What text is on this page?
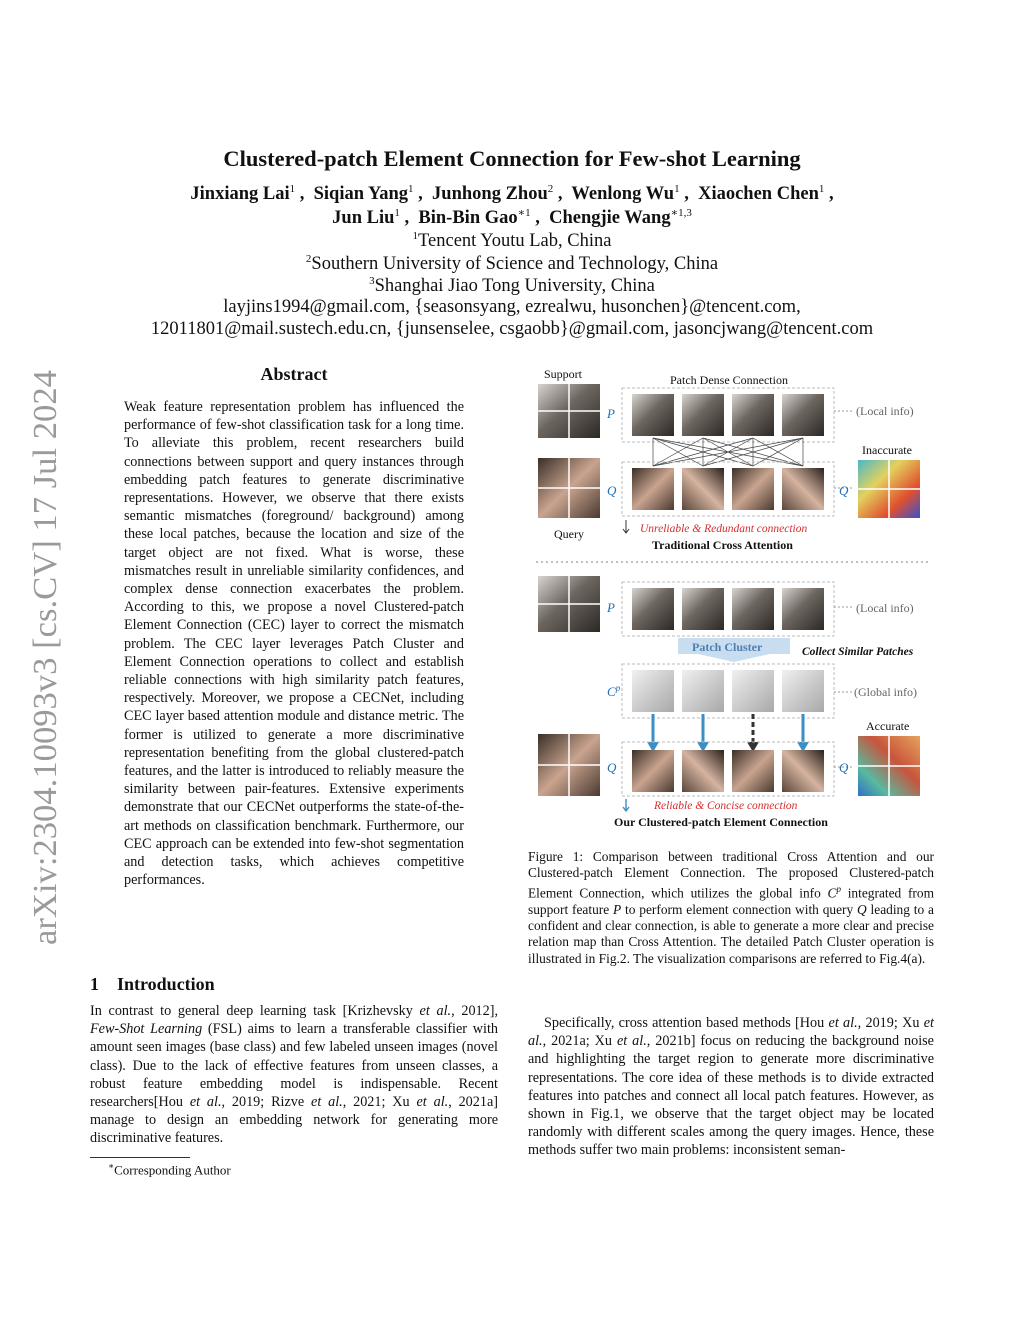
arXiv:2304.10093v3 [cs.CV] 17 Jul 2024
Clustered-patch Element Connection for Few-shot Learning
Jinxiang Lai$^1$ ,  Siqian Yang$^1$ ,  Junhong Zhou$^2$ ,  Wenlong Wu$^1$ ,  Xiaochen Chen$^1$ ,
Jun Liu$^1$ ,  Bin-Bin Gao$^{∗1}$ ,  Chengjie Wang$^{∗1,3}$
$^1$Tencent Youtu Lab, China
$^2$Southern University of Science and Technology, China
$^3$Shanghai Jiao Tong University, China
layjins1994@gmail.com, {seasonsyang, ezrealwu, husonchen}@tencent.com,
12011801@mail.sustech.edu.cn, {junsenselee, csgaobb}@gmail.com, jasoncjwang@tencent.com
Abstract

Weak feature representation problem has influenced the performance of few-shot classification task for a long time. To alleviate this problem, recent researchers build connections between support and query instances through embedding patch features to generate discriminative representations. However, we observe that there exists semantic mismatches (foreground/ background) among these local patches, because the location and size of the target object are not fixed. What is worse, these mismatches result in unreliable similarity confidences, and complex dense connection exacerbates the problem. According to this, we propose a novel Clustered-patch Element Connection (CEC) layer to correct the mismatch problem. The CEC layer leverages Patch Cluster and Element Connection operations to collect and establish reliable connections with high similarity patch features, respectively. Moreover, we propose a CECNet, including CEC layer based attention module and distance metric. The former is utilized to generate a more discriminative representation benefiting from the global clustered-patch features, and the latter is introduced to reliably measure the similarity between pair-features. Extensive experiments demonstrate that our CECNet outperforms the state-of-the-art methods on classification benchmark. Furthermore, our CEC approach can be extended into few-shot segmentation and detection tasks, which achieves competitive performances.

1 Introduction

In contrast to general deep learning task [Krizhevsky et al., 2012], Few-Shot Learning (FSL) aims to learn a transferable classifier with amount seen images (base class) and few labeled unseen images (novel class). Due to the lack of effective features from unseen classes, a robust feature embedding model is indispensable. Recent researchers[Hou et al., 2019; Rizve et al., 2021; Xu et al., 2021a] manage to design an embedding network for generating more discriminative features.

∗Corresponding Author
Support
P
Patch Dense Connection
(Local info)
Inaccurate
Q	Q
Query	Unreliable & Redundant connection
Traditional Cross Attention
P	(Local info)
Patch Cluster	Collect Similar Patches
$C^p$	(Global info)
Accurate
Q	Q
Reliable & Concise connection
Our Clustered-patch Element Connection

Figure 1: Comparison between traditional Cross Attention and our Clustered-patch Element Connection. The proposed Clustered-patch Element Connection, which utilizes the global info $C^p$ integrated from support feature P to perform element connection with query Q leading to a confident and clear connection, is able to generate a more clear and precise relation map than Cross Attention. The detailed Patch Cluster operation is illustrated in Fig.2. The visualization comparisons are referred to Fig.4(a).

Specifically, cross attention based methods [Hou et al., 2019; Xu et al., 2021a; Xu et al., 2021b] focus on reducing the background noise and highlighting the target region to generate more discriminative representations. The core idea of these methods is to divide extracted features into patches and connect all local patch features. However, as shown in Fig.1, we observe that the target object may be located randomly with different scales among the query images. Hence, these methods suffer two main problems: inconsistent seman-
